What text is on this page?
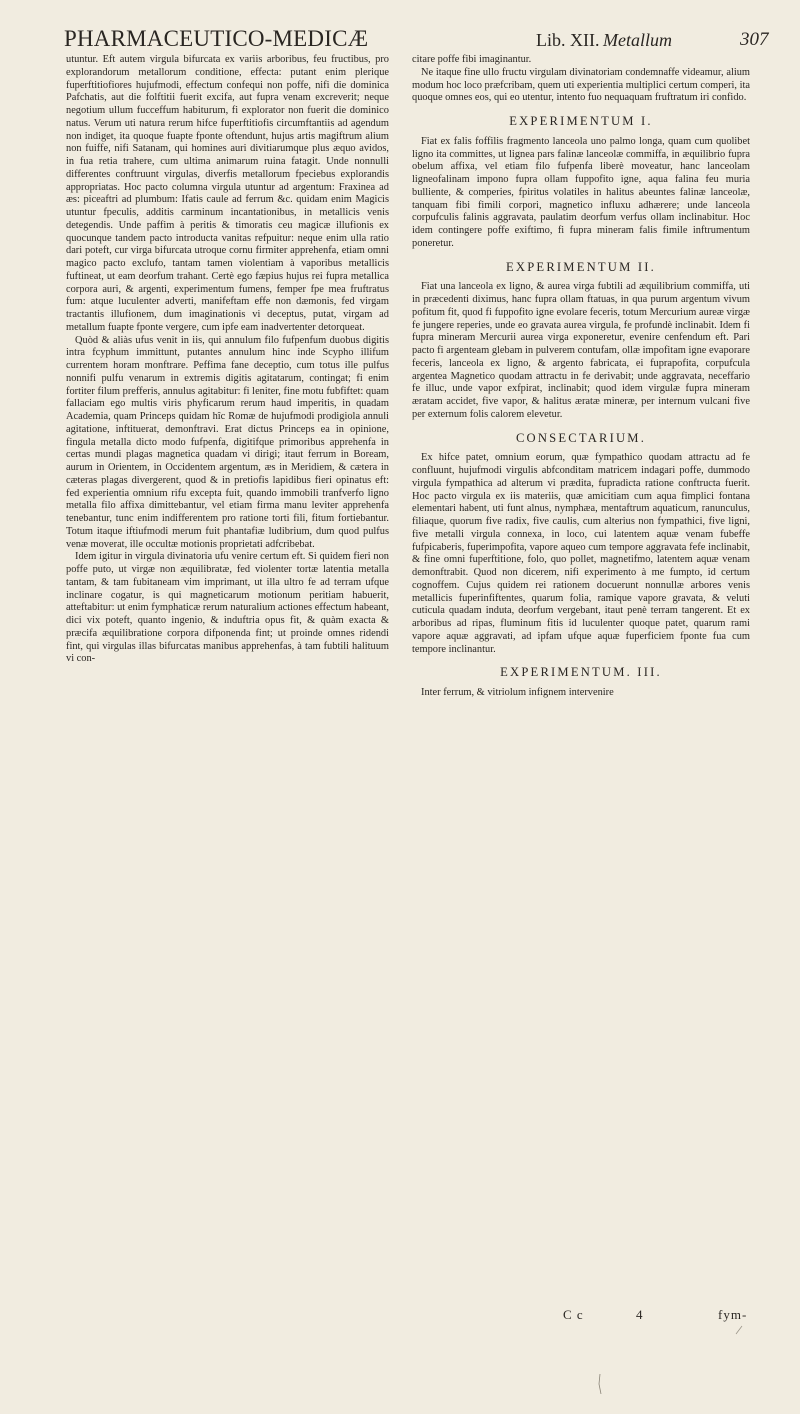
PHARMACEUTICO-MEDICÆ	Lib. XII. Metallum	307

utuntur. Eft autem virgula bifurcata ex variis arboribus, feu fructibus, pro explorandorum metallorum conditione, effecta: putant enim plerique fuperftitiofiores hujufmodi, effectum confequi non poffe, nifi die dominica Pafchatis, aut die folftitii fuerit excifa, aut fupra venam excreverit; neque negotium ullum fucceffum habiturum, fi explorator non fuerit die dominico natus. Verum uti natura rerum hifce fuperftitiofis circumftantiis ad agendum non indiget, ita quoque fuapte fponte oftendunt, hujus artis magiftrum alium non fuiffe, nifi Satanam, qui homines auri divitiarumque plus æquo avidos, in fua retia trahere, cum ultima animarum ruina fatagit. Unde nonnulli differentes conftruunt virgulas, diverfis metallorum fpeciebus explorandis appropriatas. Hoc pacto columna virgula utuntur ad argentum: Fraxinea ad æs: piceaftri ad plumbum: Ifatis caule ad ferrum &c. quidam enim Magicis utuntur fpeculis, additis carminum incantationibus, in metallicis venis detegendis. Unde paffim à peritis & timoratis ceu magicæ illufionis ex quocunque tandem pacto introducta vanitas refpuitur: neque enim ulla ratio dari poteft, cur virga bifurcata utroque cornu firmiter apprehenfa, etiam omni magico pacto exclufo, tantam tamen violentiam à vaporibus metallicis fuftineat, ut eam deorfum trahant. Certè ego fæpius hujus rei fupra metallica corpora auri, & argenti, experimentum fumens, femper fpe mea fruftratus fum: atque luculenter adverti, manifeftam effe non dæmonis, fed virgam tractantis illufionem, dum imaginationis vi deceptus, putat, virgam ad metallum fuapte fponte vergere, cum ipfe eam inadvertenter detorqueat.

Quòd & aliàs ufus venit in iis, qui annulum filo fufpenfum duobus digitis intra fcyphum immittunt, putantes annulum hinc inde Scypho illifum currentem horam monftrare. Peffima fane deceptio, cum totus ille pulfus nonnifi pulfu venarum in extremis digitis agitatarum, contingat; fi enim fortiter filum prefferis, annulus agitabitur: fi leniter, fine motu fubfiftet: quam fallaciam ego multis viris phyficarum rerum haud imperitis, in quadam Academia, quam Princeps quidam hîc Romæ de hujufmodi prodigiola annuli agitatione, inftituerat, demonftravi. Erat dictus Princeps ea in opinione, fingula metalla dicto modo fufpenfa, digitifque primoribus apprehenfa in certas mundi plagas magnetica quadam vi dirigi; itaut ferrum in Boream, aurum in Orientem, in Occidentem argentum, æs in Meridiem, & cætera in cæteras plagas divergerent, quod & in pretiofis lapidibus fieri opinatus eft: fed experientia omnium rifu excepta fuit, quando immobili tranfverfo ligno metalla filo affixa dimittebantur, vel etiam firma manu leviter apprehenfa tenebantur, tunc enim indifferentem pro ratione torti fili, fitum fortiebantur. Totum itaque iftiufmodi merum fuit phantafiæ ludibrium, dum quod pulfus venæ moverat, ille occultæ motionis proprietati adfcribebat.

Idem igitur in virgula divinatoria ufu venire certum eft. Si quidem fieri non poffe puto, ut virgæ non æquilibratæ, fed violenter tortæ latentia metalla tantam, & tam fubitaneam vim imprimant, ut illa ultro fe ad terram ufque inclinare cogatur, is qui magneticarum motionum peritiam habuerit, atteftabitur: ut enim fymphaticæ rerum naturalium actiones effectum habeant, dici vix poteft, quanto ingenio, & induftria opus fit, & quàm exacta & præcifa æquilibratione corpora difponenda fint; ut proinde omnes ridendi fint, qui virgulas illas bifurcatas manibus apprehenfas, à tam fubtili halituum vi con-

citare poffe fibi imaginantur.

Ne itaque fine ullo fructu virgulam divinatoriam condemnaffe videamur, alium modum hoc loco præfcribam, quem uti experientia multiplici certum comperi, ita quoque omnes eos, qui eo utentur, intento fuo nequaquam fruftratum iri confido.

EXPERIMENTUM I.

Fiat ex falis foffilis fragmento lanceola uno palmo longa, quam cum quolibet ligno ita committes, ut lignea pars falinæ lanceolæ commiffa, in æquilibrio fupra obelum affixa, vel etiam filo fufpenfa liberè moveatur, hanc lanceolam ligneofalinam impono fupra ollam fuppofito igne, aqua falina feu muria bulliente, & comperies, fpiritus volatiles in halitus abeuntes falinæ lanceolæ, tanquam fibi fimili corpori, magnetico influxu adhærere; unde lanceola corpufculis falinis aggravata, paulatim deorfum verfus ollam inclinabitur. Hoc idem contingere poffe exiftimo, fi fupra mineram falis fimile inftrumentum poneretur.

EXPERIMENTUM II.

Fiat una lanceola ex ligno, & aurea virga fubtili ad æquilibrium commiffa, uti in præcedenti diximus, hanc fupra ollam ftatuas, in qua purum argentum vivum pofitum fit, quod fi fuppofito igne evolare feceris, totum Mercurium aureæ virgæ fe jungere reperies, unde eo gravata aurea virgula, fe profundè inclinabit. Idem fi fupra mineram Mercurii aurea virga exponeretur, evenire cenfendum eft. Pari pacto fi argenteam glebam in pulverem contufam, ollæ impofitam igne evaporare feceris, lanceola ex ligno, & argento fabricata, ei fuprapofita, corpufcula argentea Magnetico quodam attractu in fe derivabit; unde aggravata, neceffario fe illuc, unde vapor exfpirat, inclinabit; quod idem virgulæ fupra mineram æratam accidet, five vapor, & halitus æratæ mineræ, per internum vulcani five per externum folis calorem elevetur.

CONSECTARIUM.

Ex hifce patet, omnium eorum, quæ fympathico quodam attractu ad fe confluunt, hujufmodi virgulis abfconditam matricem indagari poffe, dummodo virgula fympathica ad alterum vi prædita, fupradicta ratione conftructa fuerit. Hoc pacto virgula ex iis materiis, quæ amicitiam cum aqua fimplici fontana elementari habent, uti funt alnus, nymphæa, mentaftrum aquaticum, ranunculus, filiaque, quorum five radix, five caulis, cum alterius non fympathici, five ligni, five metalli virgula connexa, in loco, cui latentem aquæ venam fubeffe fufpicaberis, fuperimpofita, vapore aqueo cum tempore aggravata fefe inclinabit, & fine omni fuperftitione, folo, quo pollet, magnetifmo, latentem aquæ venam demonftrabit. Quod non dicerem, nifi experimento à me fumpto, id certum cognoffem. Cujus quidem rei rationem docuerunt nonnullæ arbores venis metallicis fuperinfiftentes, quarum folia, ramique vapore gravata, & veluti cuticula quadam induta, deorfum vergebant, itaut penè terram tangerent. Et ex arboribus ad ripas, fluminum fitis id luculenter quoque patet, quarum rami vapore aquæ aggravati, ad ipfam ufque aquæ fuperficiem fponte fua cum tempore inclinantur.

EXPERIMENTUM. III.

Inter ferrum, & vitriolum infignem intervenire

C c	4	fym-
